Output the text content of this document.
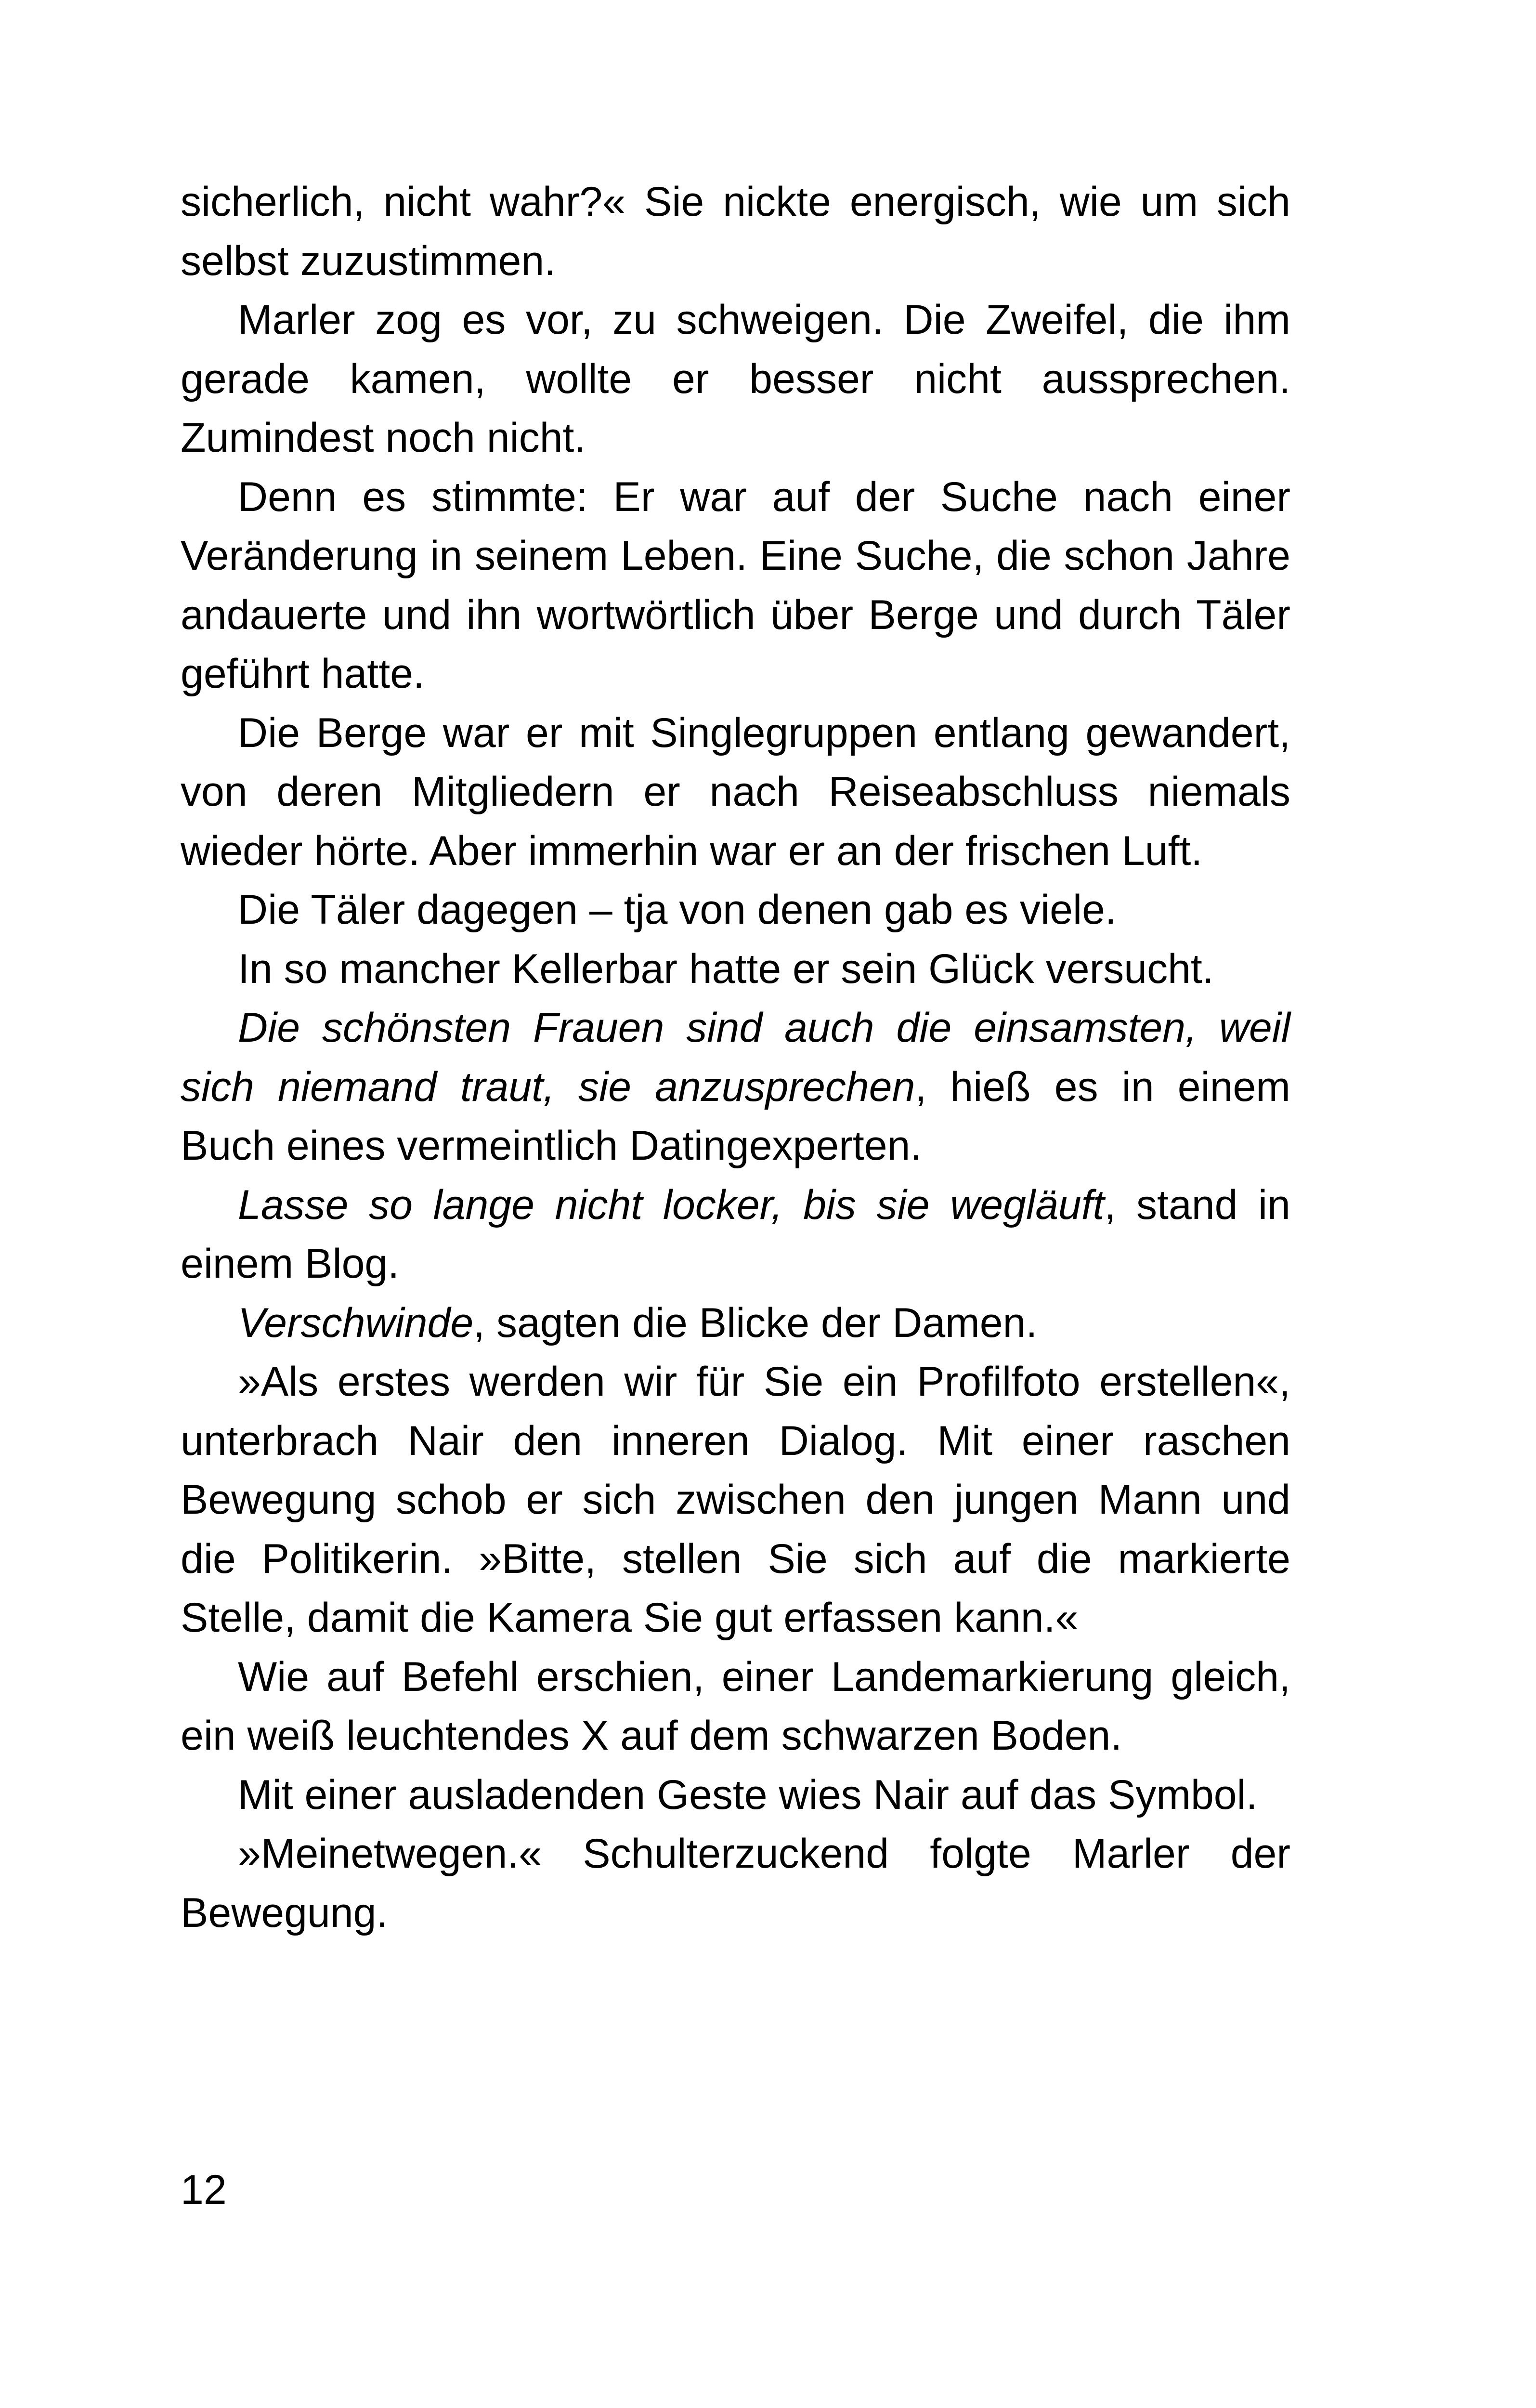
sicherlich, nicht wahr?« Sie nickte energisch, wie um sich selbst zuzustimmen.

Marler zog es vor, zu schweigen. Die Zweifel, die ihm gerade kamen, wollte er besser nicht aussprechen. Zumindest noch nicht.

Denn es stimmte: Er war auf der Suche nach einer Veränderung in seinem Leben. Eine Suche, die schon Jahre andauerte und ihn wortwörtlich über Berge und durch Täler geführt hatte.

Die Berge war er mit Singlegruppen entlang gewandert, von deren Mitgliedern er nach Reiseabschluss niemals wieder hörte. Aber immerhin war er an der frischen Luft.

Die Täler dagegen – tja von denen gab es viele.

In so mancher Kellerbar hatte er sein Glück versucht.

Die schönsten Frauen sind auch die einsamsten, weil sich niemand traut, sie anzusprechen, hieß es in einem Buch eines vermeintlich Datingexperten.

Lasse so lange nicht locker, bis sie wegläuft, stand in einem Blog.

Verschwinde, sagten die Blicke der Damen.

»Als erstes werden wir für Sie ein Profilfoto erstellen«, unterbrach Nair den inneren Dialog. Mit einer raschen Bewegung schob er sich zwischen den jungen Mann und die Politikerin. »Bitte, stellen Sie sich auf die markierte Stelle, damit die Kamera Sie gut erfassen kann.«

Wie auf Befehl erschien, einer Landemarkierung gleich, ein weiß leuchtendes X auf dem schwarzen Boden.

Mit einer ausladenden Geste wies Nair auf das Symbol.

»Meinetwegen.« Schulterzuckend folgte Marler der Bewegung.

12
